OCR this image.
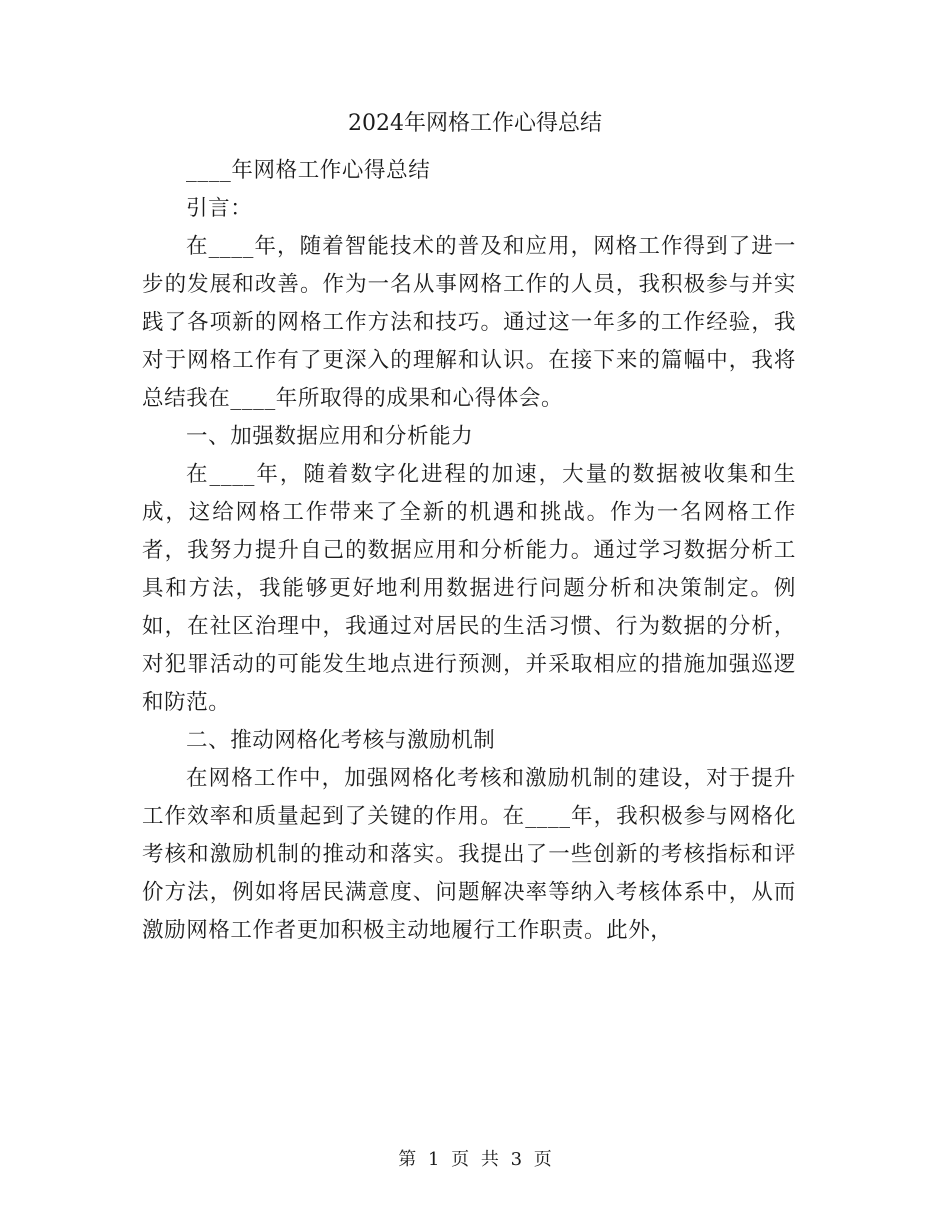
2024年网格工作心得总结

____年网格工作心得总结

引言：

在____年，随着智能技术的普及和应用，网格工作得到了进一步的发展和改善。作为一名从事网格工作的人员，我积极参与并实践了各项新的网格工作方法和技巧。通过这一年多的工作经验，我对于网格工作有了更深入的理解和认识。在接下来的篇幅中，我将总结我在____年所取得的成果和心得体会。

一、加强数据应用和分析能力

在____年，随着数字化进程的加速，大量的数据被收集和生成，这给网格工作带来了全新的机遇和挑战。作为一名网格工作者，我努力提升自己的数据应用和分析能力。通过学习数据分析工具和方法，我能够更好地利用数据进行问题分析和决策制定。例如，在社区治理中，我通过对居民的生活习惯、行为数据的分析，对犯罪活动的可能发生地点进行预测，并采取相应的措施加强巡逻和防范。

二、推动网格化考核与激励机制

在网格工作中，加强网格化考核和激励机制的建设，对于提升工作效率和质量起到了关键的作用。在____年，我积极参与网格化考核和激励机制的推动和落实。我提出了一些创新的考核指标和评价方法，例如将居民满意度、问题解决率等纳入考核体系中，从而激励网格工作者更加积极主动地履行工作职责。此外，

第 1 页 共 3 页
